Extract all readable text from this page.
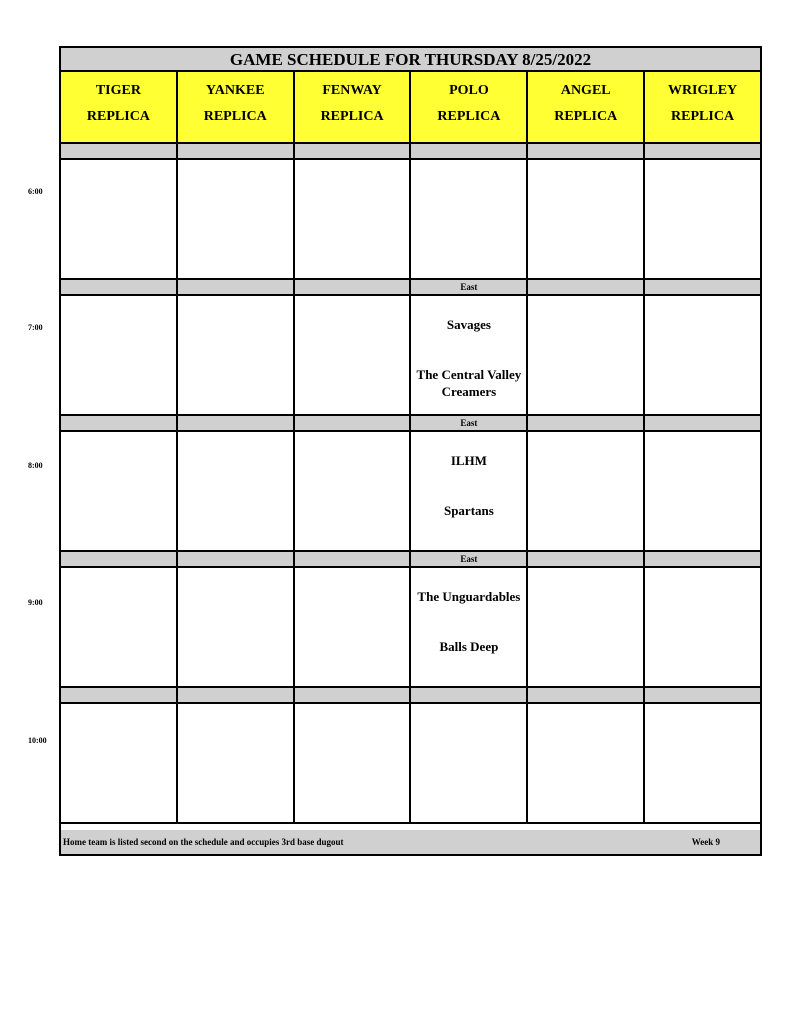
6:00
7:00
8:00
9:00
10:00
GAME SCHEDULE FOR THURSDAY 8/25/2022
TIGER
REPLICA
YANKEE
REPLICA
FENWAY
REPLICA
POLO
REPLICA
ANGEL
REPLICA
WRIGLEY
REPLICA
East
Savages
The Central Valley Creamers
East
ILHM
Spartans
East
The Unguardables
Balls Deep
Home team is listed second on the schedule and occupies 3rd base dugout	Week 9
